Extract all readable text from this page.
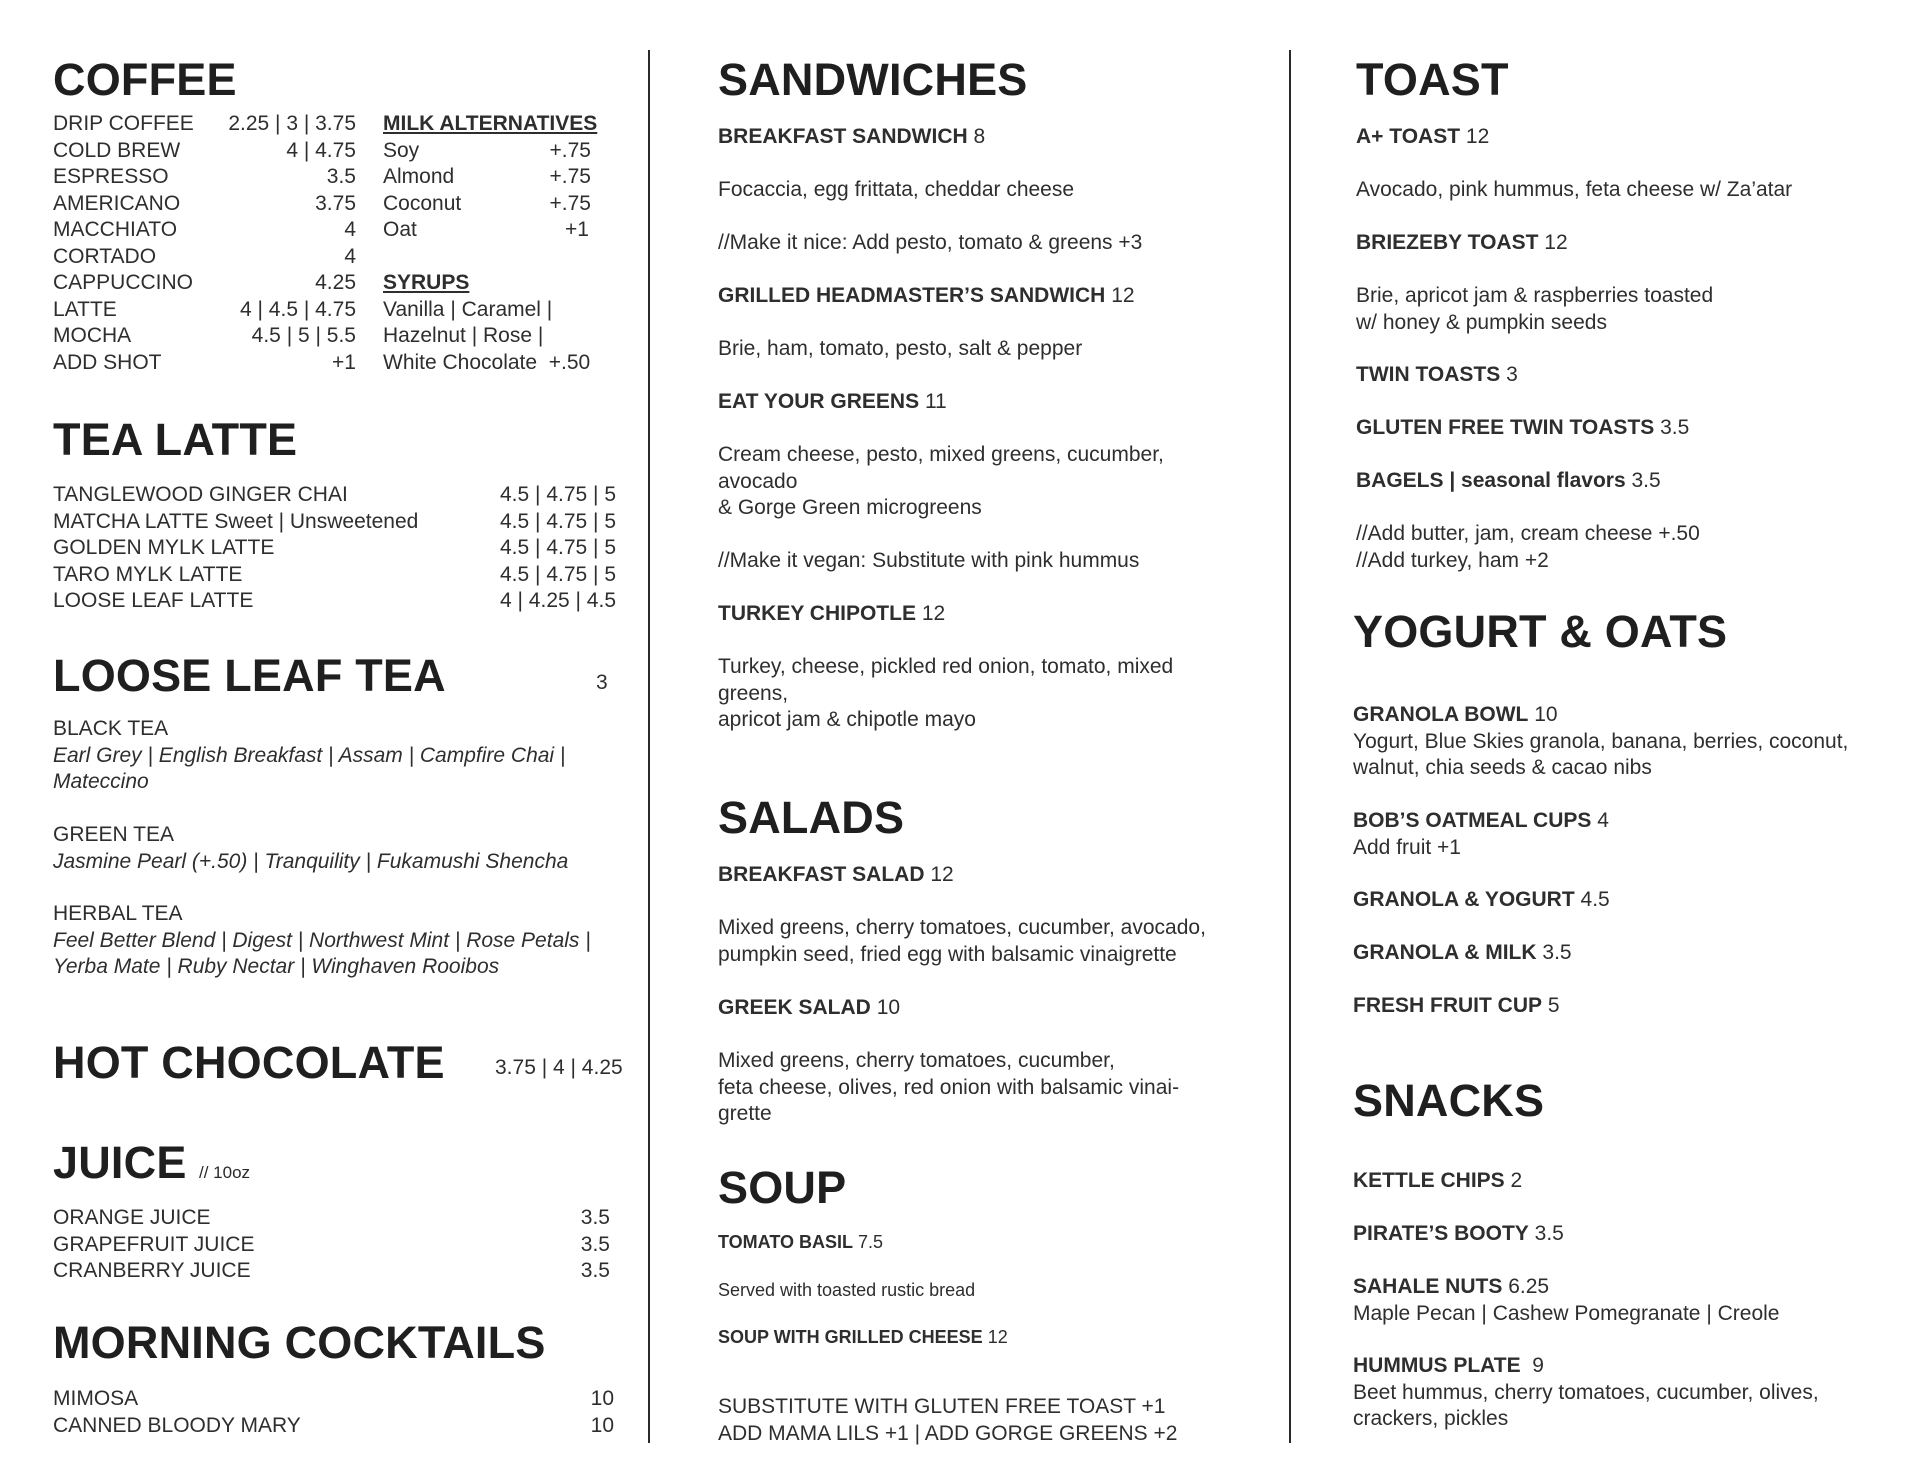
COFFEE
DRIP COFFEE 2.25 | 3 | 3.75
COLD BREW	4 | 4.75
ESPRESSO	3.5
AMERICANO	3.75
MACCHIATO	4
CORTADO	4
CAPPUCCINO	4.25
LATTE	4 | 4.5 | 4.75
MOCHA	4.5 | 5 | 5.5
ADD SHOT	+1
MILK ALTERNATIVES
Soy	+.75
Almond	+.75
Coconut	+.75
Oat	+1
SYRUPS
Vanilla | Caramel |
Hazelnut | Rose |
White Chocolate +.50
TEA LATTE
TANGLEWOOD GINGER CHAI	4.5 | 4.75 | 5
MATCHA LATTE Sweet | Unsweetened	4.5 | 4.75 | 5
GOLDEN MYLK LATTE	4.5 | 4.75 | 5
TARO MYLK LATTE	4.5 | 4.75 | 5
LOOSE LEAF LATTE	4 | 4.25 | 4.5
LOOSE LEAF TEA	3
BLACK TEA
Earl Grey | English Breakfast | Assam | Campfire Chai |
Mateccino
GREEN TEA
Jasmine Pearl (+.50) | Tranquility | Fukamushi Shencha
HERBAL TEA
Feel Better Blend | Digest | Northwest Mint | Rose Petals |
Yerba Mate | Ruby Nectar | Winghaven Rooibos
HOT CHOCOLATE 3.75 | 4 | 4.25
JUICE // 10oz
ORANGE JUICE	3.5
GRAPEFRUIT JUICE	3.5
CRANBERRY JUICE	3.5
MORNING COCKTAILS
MIMOSA	10
CANNED BLOODY MARY	10
SANDWICHES
BREAKFAST SANDWICH 8
Focaccia, egg frittata, cheddar cheese
//Make it nice: Add pesto, tomato & greens +3
GRILLED HEADMASTER’S SANDWICH 12
Brie, ham, tomato, pesto, salt & pepper
EAT YOUR GREENS 11
Cream cheese, pesto, mixed greens, cucumber,
avocado
& Gorge Green microgreens
//Make it vegan: Substitute with pink hummus
TURKEY CHIPOTLE 12
Turkey, cheese, pickled red onion, tomato, mixed
greens,
apricot jam & chipotle mayo
SALADS
BREAKFAST SALAD 12
Mixed greens, cherry tomatoes, cucumber, avocado,
pumpkin seed, fried egg with balsamic vinaigrette
GREEK SALAD 10
Mixed greens, cherry tomatoes, cucumber,
feta cheese, olives, red onion with balsamic vinai-
grette
SOUP
TOMATO BASIL 7.5
Served with toasted rustic bread
SOUP WITH GRILLED CHEESE 12
SUBSTITUTE WITH GLUTEN FREE TOAST +1
ADD MAMA LILS +1 | ADD GORGE GREENS +2
TOAST
A+ TOAST 12
Avocado, pink hummus, feta cheese w/ Za’atar
BRIEZEBY TOAST 12
Brie, apricot jam & raspberries toasted
w/ honey & pumpkin seeds
TWIN TOASTS 3
GLUTEN FREE TWIN TOASTS 3.5
BAGELS | seasonal flavors 3.5
//Add butter, jam, cream cheese +.50
//Add turkey, ham +2
YOGURT & OATS
GRANOLA BOWL 10
Yogurt, Blue Skies granola, banana, berries, coconut,
walnut, chia seeds & cacao nibs
BOB’S OATMEAL CUPS 4
Add fruit +1
GRANOLA & YOGURT 4.5
GRANOLA & MILK 3.5
FRESH FRUIT CUP 5
SNACKS
KETTLE CHIPS 2
PIRATE’S BOOTY 3.5
SAHALE NUTS 6.25
Maple Pecan | Cashew Pomegranate | Creole
HUMMUS PLATE 9
Beet hummus, cherry tomatoes, cucumber, olives,
crackers, pickles
